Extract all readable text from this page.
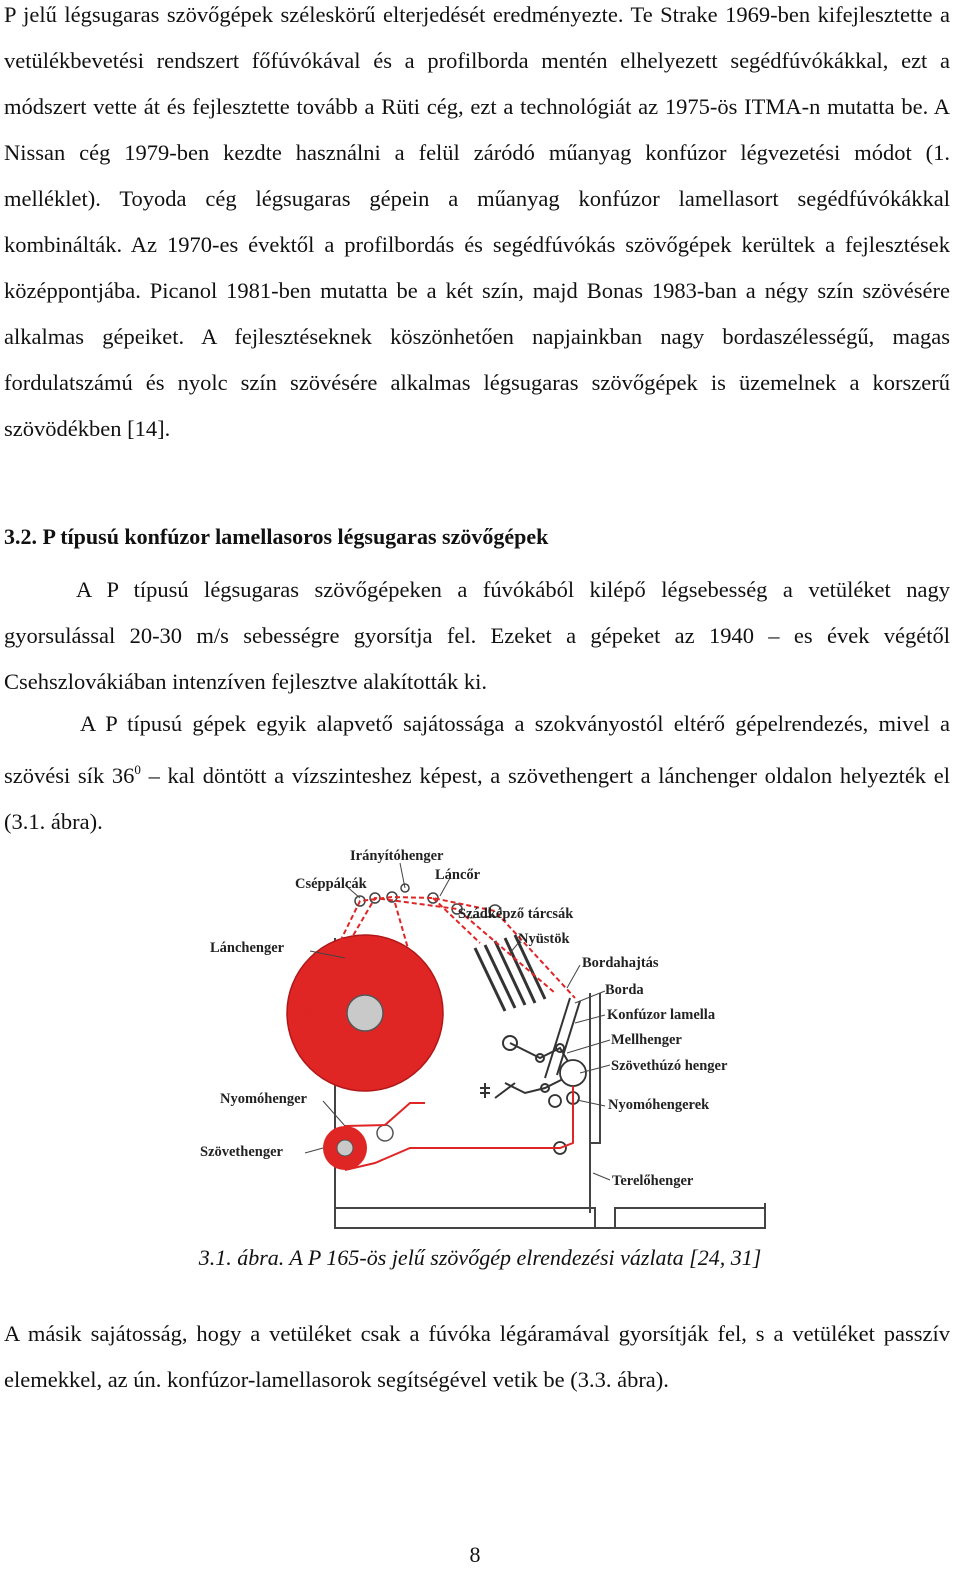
P jelű légsugaras szövőgépek széleskörű elterjedését eredményezte. Te Strake 1969-ben kifejlesztette a vetülékbevetési rendszert főfúvókával és a profilborda mentén elhelyezett segédfúvókákkal, ezt a módszert vette át és fejlesztette tovább a Rüti cég, ezt a technológiát az 1975-ös ITMA-n mutatta be. A Nissan cég 1979-ben kezdte használni a felül záródó műanyag konfúzor légvezetési módot (1. melléklet). Toyoda cég légsugaras gépein a műanyag konfúzor lamellasort segédfúvókákkal kombinálták. Az 1970-es évektől a profilbordás és segédfúvókás szövőgépek kerültek a fejlesztések középpontjába. Picanol 1981-ben mutatta be a két szín, majd Bonas 1983-ban a négy szín szövésére alkalmas gépeiket. A fejlesztéseknek köszönhetően napjainkban nagy bordaszélességű, magas fordulatszámú és nyolc szín szövésére alkalmas légsugaras szövőgépek is üzemelnek a korszerű szövödékben [14].

3.2. P típusú konfúzor lamellasoros légsugaras szövőgépek

A P típusú légsugaras szövőgépeken a fúvókából kilépő légsebesség a vetüléket nagy gyorsulással 20-30 m/s sebességre gyorsítja fel. Ezeket a gépeket az 1940 – es évek végétől Csehszlovákiában intenzíven fejlesztve alakították ki.

A P típusú gépek egyik alapvető sajátossága a szokványostól eltérő gépelrendezés, mivel a szövési sík $36^0$ – kal döntött a vízszinteshez képest, a szövethengert a lánchenger oldalon helyezték el (3.1. ábra).

Irányítóhenger
Láncőr
Cséppálcák
Szádképző tárcsák
Lánchenger
Nyüstök
Bordahajtás
Borda
Konfúzor lamella
Mellhenger
Szövethúzó henger
Nyomóhenger	Nyomóhengerek
Szövethenger
Terelőhenger

3.1. ábra. A P 165-ös jelű szövőgép elrendezési vázlata [24, 31]

A másik sajátosság, hogy a vetüléket csak a fúvóka légáramával gyorsítják fel, s a vetüléket passzív elemekkel, az ún. konfúzor-lamellasorok segítségével vetik be (3.3. ábra).

8
